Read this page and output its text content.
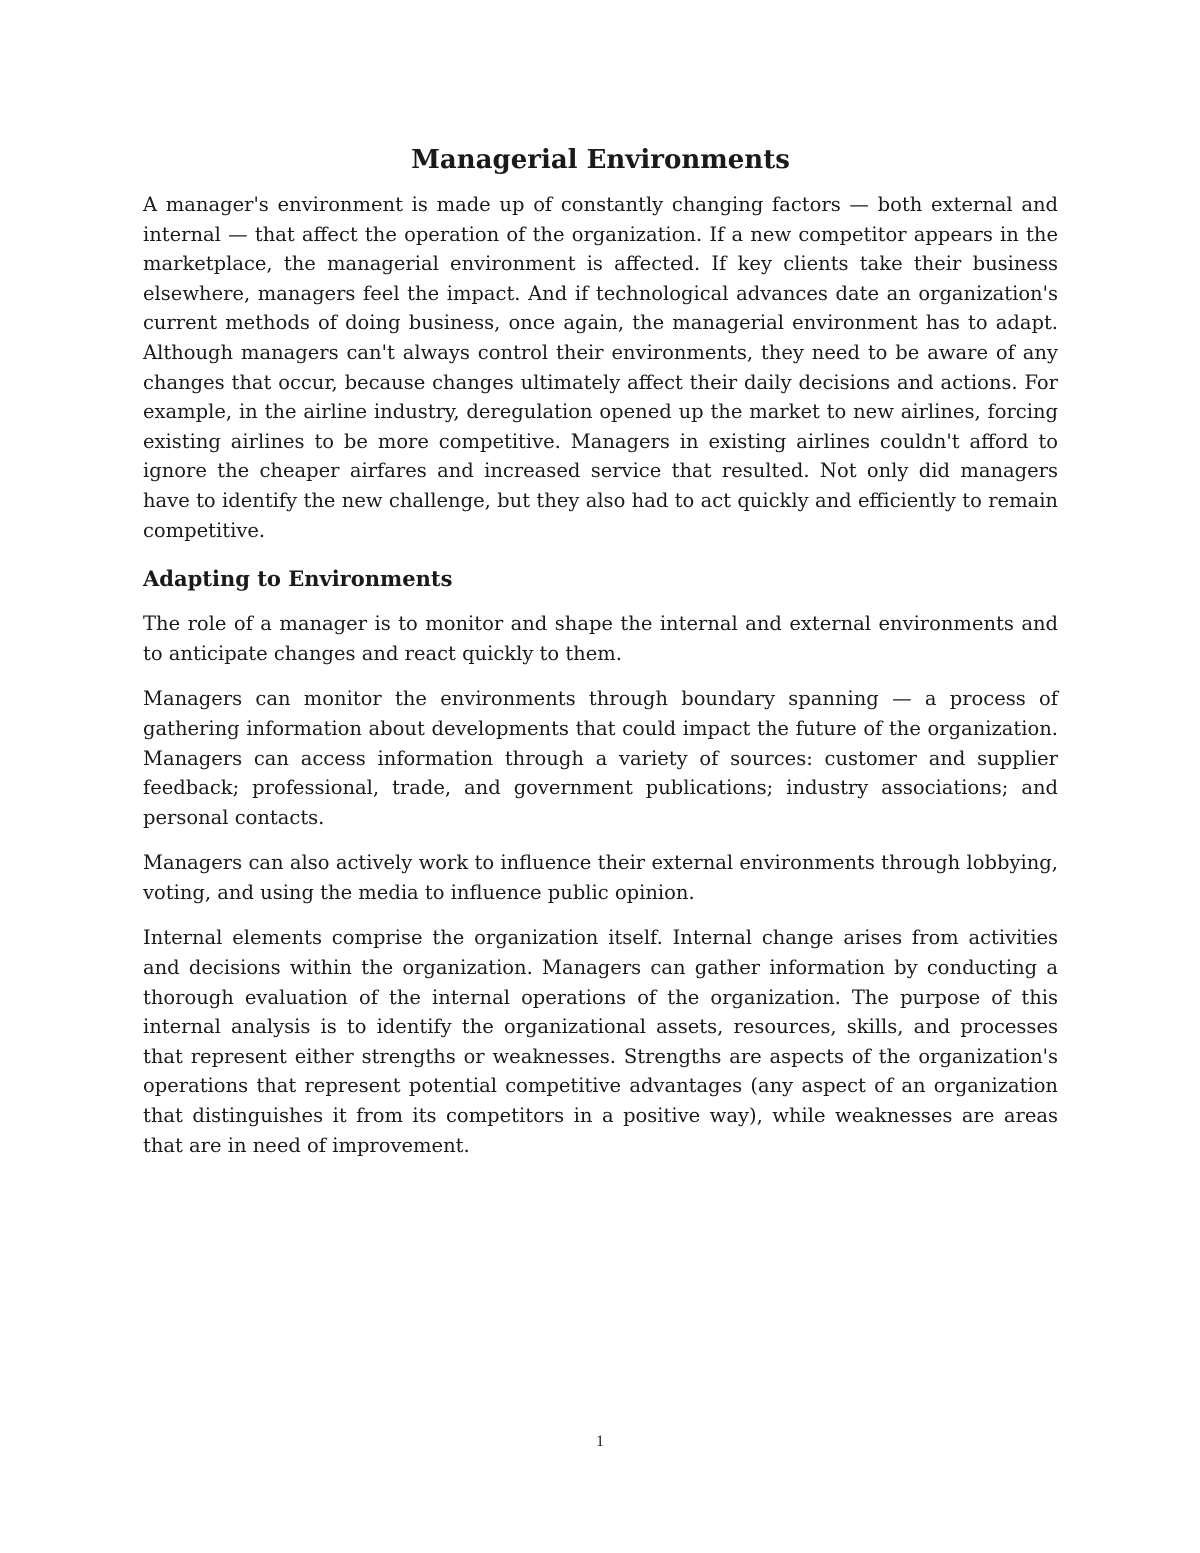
Managerial Environments

A manager's environment is made up of constantly changing factors — both external and internal — that affect the operation of the organization. If a new competitor appears in the marketplace, the managerial environment is affected. If key clients take their business elsewhere, managers feel the impact. And if technological advances date an organization's current methods of doing business, once again, the managerial environment has to adapt. Although managers can't always control their environments, they need to be aware of any changes that occur, because changes ultimately affect their daily decisions and actions. For example, in the airline industry, deregulation opened up the market to new airlines, forcing existing airlines to be more competitive. Managers in existing airlines couldn't afford to ignore the cheaper airfares and increased service that resulted. Not only did managers have to identify the new challenge, but they also had to act quickly and efficiently to remain competitive.

Adapting to Environments

The role of a manager is to monitor and shape the internal and external environments and to anticipate changes and react quickly to them.

Managers can monitor the environments through boundary spanning — a process of gathering information about developments that could impact the future of the organization. Managers can access information through a variety of sources: customer and supplier feedback; professional, trade, and government publications; industry associations; and personal contacts.

Managers can also actively work to influence their external environments through lobbying, voting, and using the media to influence public opinion.

Internal elements comprise the organization itself. Internal change arises from activities and decisions within the organization. Managers can gather information by conducting a thorough evaluation of the internal operations of the organization. The purpose of this internal analysis is to identify the organizational assets, resources, skills, and processes that represent either strengths or weaknesses. Strengths are aspects of the organization's operations that represent potential competitive advantages (any aspect of an organization that distinguishes it from its competitors in a positive way), while weaknesses are areas that are in need of improvement.

1
